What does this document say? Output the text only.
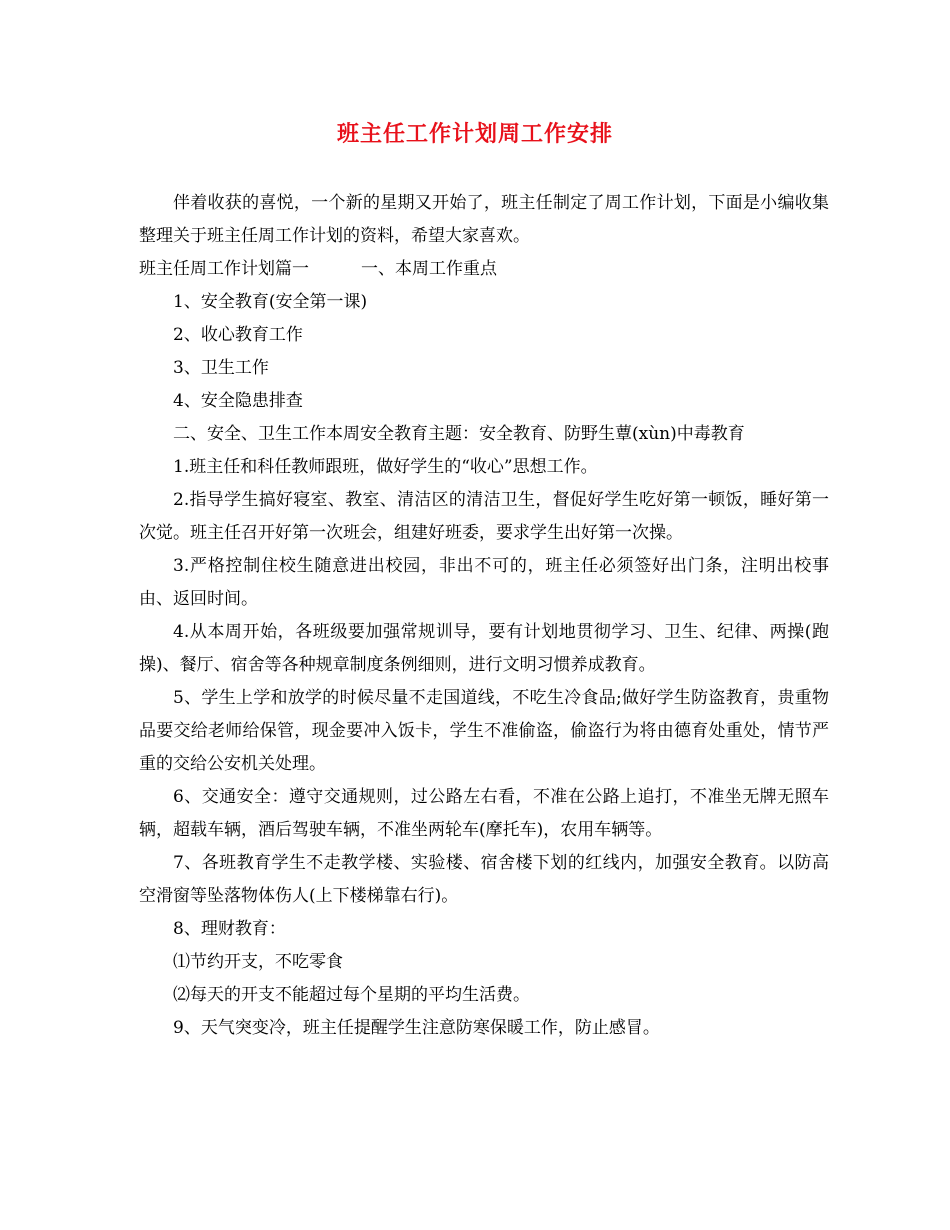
班主任工作计划周工作安排

伴着收获的喜悦，一个新的星期又开始了，班主任制定了周工作计划，下面是小编收集整理关于班主任周工作计划的资料，希望大家喜欢。

班主任周工作计划篇一	一、本周工作重点

1、安全教育(安全第一课)

2、收心教育工作

3、卫生工作

4、安全隐患排查

二、安全、卫生工作本周安全教育主题：安全教育、防野生蕈(xùn)中毒教育

1.班主任和科任教师跟班，做好学生的“收心”思想工作。

2.指导学生搞好寝室、教室、清洁区的清洁卫生，督促好学生吃好第一顿饭，睡好第一次觉。班主任召开好第一次班会，组建好班委，要求学生出好第一次操。

3.严格控制住校生随意进出校园，非出不可的，班主任必须签好出门条，注明出校事由、返回时间。

4.从本周开始，各班级要加强常规训导，要有计划地贯彻学习、卫生、纪律、两操(跑操)、餐厅、宿舍等各种规章制度条例细则，进行文明习惯养成教育。

5、学生上学和放学的时候尽量不走国道线，不吃生冷食品;做好学生防盗教育，贵重物品要交给老师给保管，现金要冲入饭卡，学生不准偷盗，偷盗行为将由德育处重处，情节严重的交给公安机关处理。

6、交通安全：遵守交通规则，过公路左右看，不准在公路上追打，不准坐无牌无照车辆，超载车辆，酒后驾驶车辆，不准坐两轮车(摩托车)，农用车辆等。

7、各班教育学生不走教学楼、实验楼、宿舍楼下划的红线内，加强安全教育。以防高空滑窗等坠落物体伤人(上下楼梯靠右行)。

8、理财教育：

⑴节约开支，不吃零食

⑵每天的开支不能超过每个星期的平均生活费。

9、天气突变冷，班主任提醒学生注意防寒保暖工作，防止感冒。
